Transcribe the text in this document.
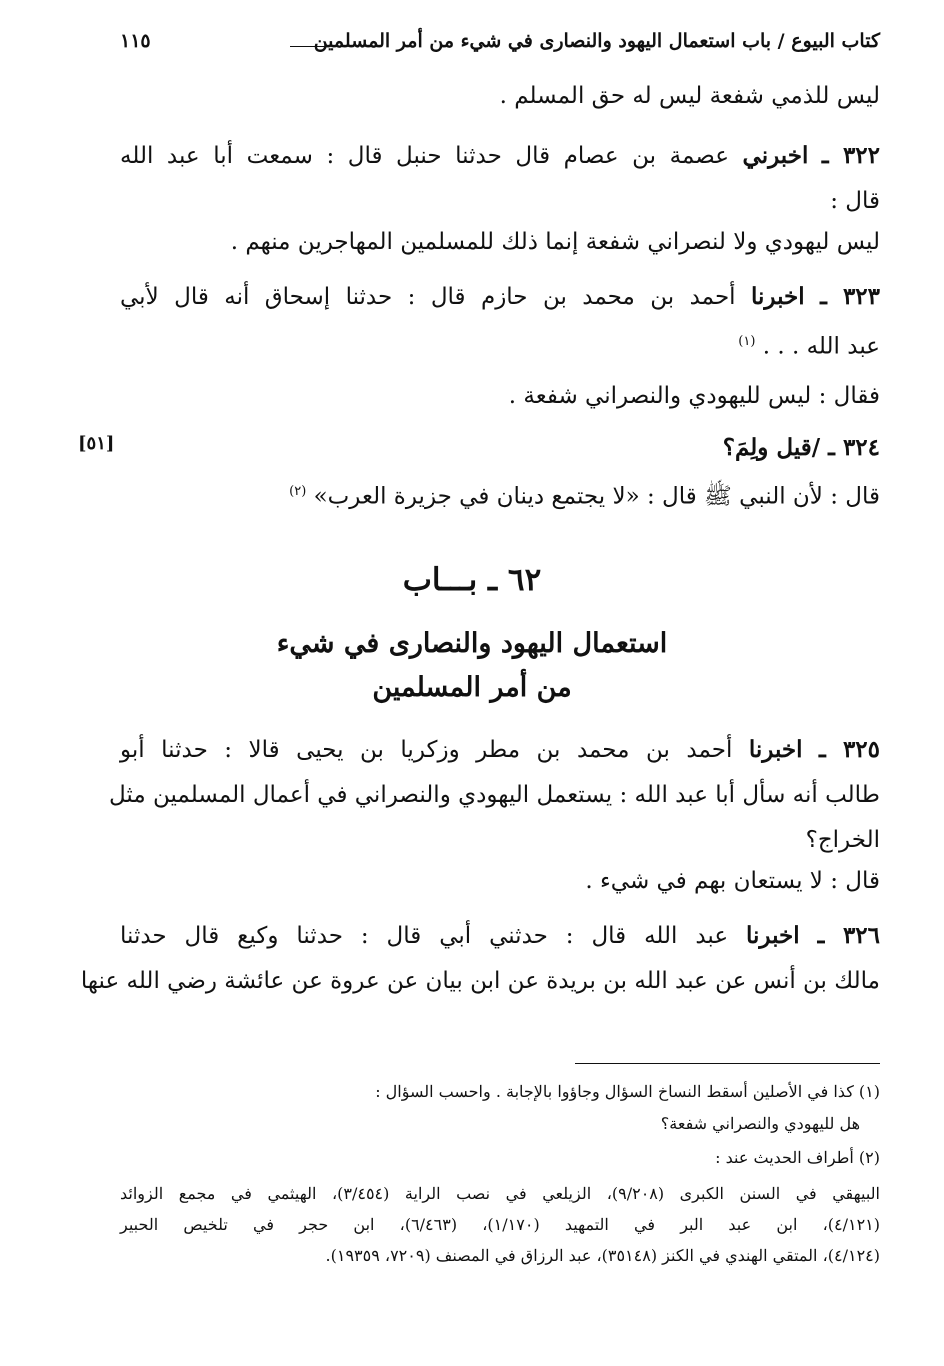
كتاب البيوع / باب استعمال اليهود والنصارى في شيء من أمر المسلمين
١١٥
ليس للذمي شفعة ليس له حق المسلم .
٣٢٢ ـ اخبرني عصمة بن عصام قال حدثنا حنبل قال : سمعت أبا عبد الله
قال :
ليس ليهودي ولا لنصراني شفعة إنما ذلك للمسلمين المهاجرين منهم .
٣٢٣ ـ اخبرنا أحمد بن محمد بن حازم قال : حدثنا إسحاق أنه قال لأبي
عبد الله . . . $^{(١)}$
فقال : ليس لليهودي والنصراني شفعة .
[٥١]	٣٢٤ ـ /قيل ولِمَ؟
قال : لأن النبي ﷺ قال : «لا يجتمع دينان في جزيرة العرب» $^{(٢)}$
٦٢ ـ بـــاب
استعمال اليهود والنصارى في شيء
من أمر المسلمين
٣٢٥ ـ اخبرنا أحمد بن محمد بن مطر وزكريا بن يحيى قالا : حدثنا أبو
طالب أنه سأل أبا عبد الله : يستعمل اليهودي والنصراني في أعمال المسلمين مثل
الخراج؟
قال : لا يستعان بهم في شيء .
٣٢٦ ـ اخبرنا عبد الله قال : حدثني أبي قال : حدثنا وكيع قال حدثنا
مالك بن أنس عن عبد الله بن بريدة عن ابن بيان عن عروة عن عائشة رضي الله عنها
(١) كذا في الأصلين أسقط النساخ السؤال وجاؤوا بالإجابة . واحسب السؤال :
هل لليهودي والنصراني شفعة؟
(٢) أطراف الحديث عند :
البيهقي في السنن الكبرى (٩/٢٠٨)، الزيلعي في نصب الراية (٣/٤٥٤)، الهيثمي في مجمع الزوائد
(٤/١٢١)، ابن عبد البر في التمهيد (١/١٧٠)، (٦/٤٦٣)، ابن حجر في تلخيص الحبير
(٤/١٢٤)، المتقي الهندي في الكنز (٣٥١٤٨)، عبد الرزاق في المصنف (٧٢٠٩، ١٩٣٥٩).
